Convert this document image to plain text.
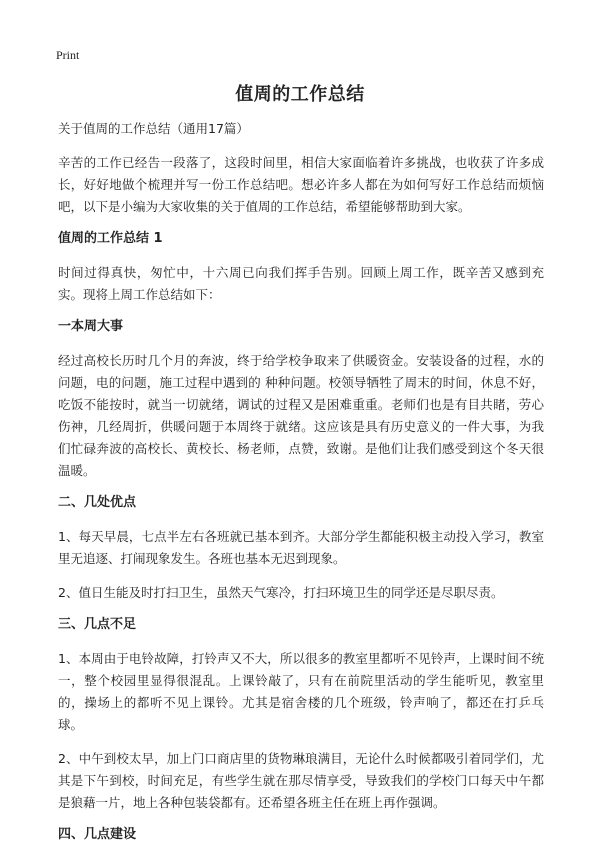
Print
值周的工作总结
关于值周的工作总结（通用17篇）

辛苦的工作已经告一段落了，这段时间里，相信大家面临着许多挑战，也收获了许多成长，好好地做个梳理并写一份工作总结吧。想必许多人都在为如何写好工作总结而烦恼吧，以下是小编为大家收集的关于值周的工作总结，希望能够帮助到大家。

值周的工作总结 1

时间过得真快，匆忙中，十六周已向我们挥手告别。回顾上周工作，既辛苦又感到充实。现将上周工作总结如下：

一本周大事

经过高校长历时几个月的奔波，终于给学校争取来了供暖资金。安装设备的过程，水的问题，电的问题，施工过程中遇到的 种种问题。校领导牺牲了周末的时间，休息不好，吃饭不能按时，就当一切就绪，调试的过程又是困难重重。老师们也是有目共睹，劳心伤神，几经周折，供暖问题于本周终于就绪。这应该是具有历史意义的一件大事，为我们忙碌奔波的高校长、黄校长、杨老师，点赞，致谢。是他们让我们感受到这个冬天很温暖。

二、几处优点

1、每天早晨，七点半左右各班就已基本到齐。大部分学生都能积极主动投入学习，教室里无追逐、打闹现象发生。各班也基本无迟到现象。

2、值日生能及时打扫卫生，虽然天气寒冷，打扫环境卫生的同学还是尽职尽责。

三、几点不足

1、本周由于电铃故障，打铃声又不大，所以很多的教室里都听不见铃声，上课时间不统一，整个校园里显得很混乱。上课铃敲了，只有在前院里活动的学生能听见，教室里的，操场上的都听不见上课铃。尤其是宿舍楼的几个班级，铃声响了，都还在打乒乓球。

2、中午到校太早，加上门口商店里的货物琳琅满目，无论什么时候都吸引着同学们，尤其是下午到校，时间充足，有些学生就在那尽情享受，导致我们的学校门口每天中午都是狼藉一片，地上各种包装袋都有。还希望各班主任在班上再作强调。

四、几点建设
